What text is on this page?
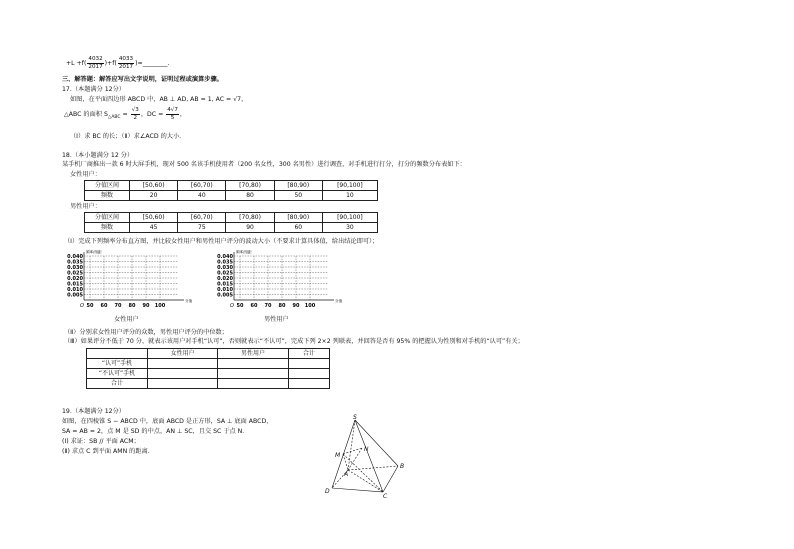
$+L +f( \frac{4032}{2017} )+f( \frac{4033}{2017}$ )=________.
三、解答题：解答应写出文字说明，证明过程或演算步骤。
17.（本题满分 12分）
如图，在平面四边形 ABCD 中，AB ⊥ AD, AB = 1, AC = √7，
△ABC 的面积 $S_{\triangle ABC} = \frac{√3}{2}$ ，DC = $\frac{4√7}{5}$ ，
（Ⅰ）求 BC 的长；（Ⅱ）求∠ACD 的大小.
18.（本小题满分 12 分）
某手机厂商推出一款 6 时大屏手机，现对 500 名该手机使用者（200 名女性，300 名男性）进行调查，对手机进行打分，打分的频数分布表如下：
女性用户：
分值区间	[50,60)	[60,70)	[70,80)	[80,90)	[90,100]
频数	20	40	80	50	10
男性用户：
分值区间	[50,60)	[60,70)	[70,80)	[80,90)	[90,100]
频数	45	75	90	60	30
（Ⅰ）完成下列频率分布直方图，并比较女性用户和男性用户评分的波动大小（不要求计算具体值，给出结论即可）；
0.040
0.035
0.030
0.025
0.020
0.015
0.010
0.005
50 60 70 80 90 100
O
分值
频率/组距
女性用户
0.040
0.035
0.030
0.025
0.020
0.015
0.010
0.005
50 60 70 80 90 100
O
分值
频率/组距
男性用户
（Ⅱ）分别求女性用户评分的众数，男性用户评分的中位数；
（Ⅲ）如果评分不低于 70 分，就表示该用户对手机“认可”，否则就表示“不认可”，完成下列 2×2 列联表，并回答是否有 95% 的把握认为性别和对手机的“认可”有关；
	女性用户	男性用户	合计
“认可”手机			
“不认可”手机			
合计			
19.（本题满分 12分）
如图，在四棱锥 S − ABCD 中，底面 ABCD 是正方形，SA ⊥ 底面 ABCD，
SA = AB = 2，点 M 是 SD 的中点，AN ⊥ SC，且交 SC 于点 N．
(Ⅰ) 求证：SB // 平面 ACM；
(Ⅱ) 求点 C 到平面 AMN 的距离．
S
M
N
A
B
C
D
